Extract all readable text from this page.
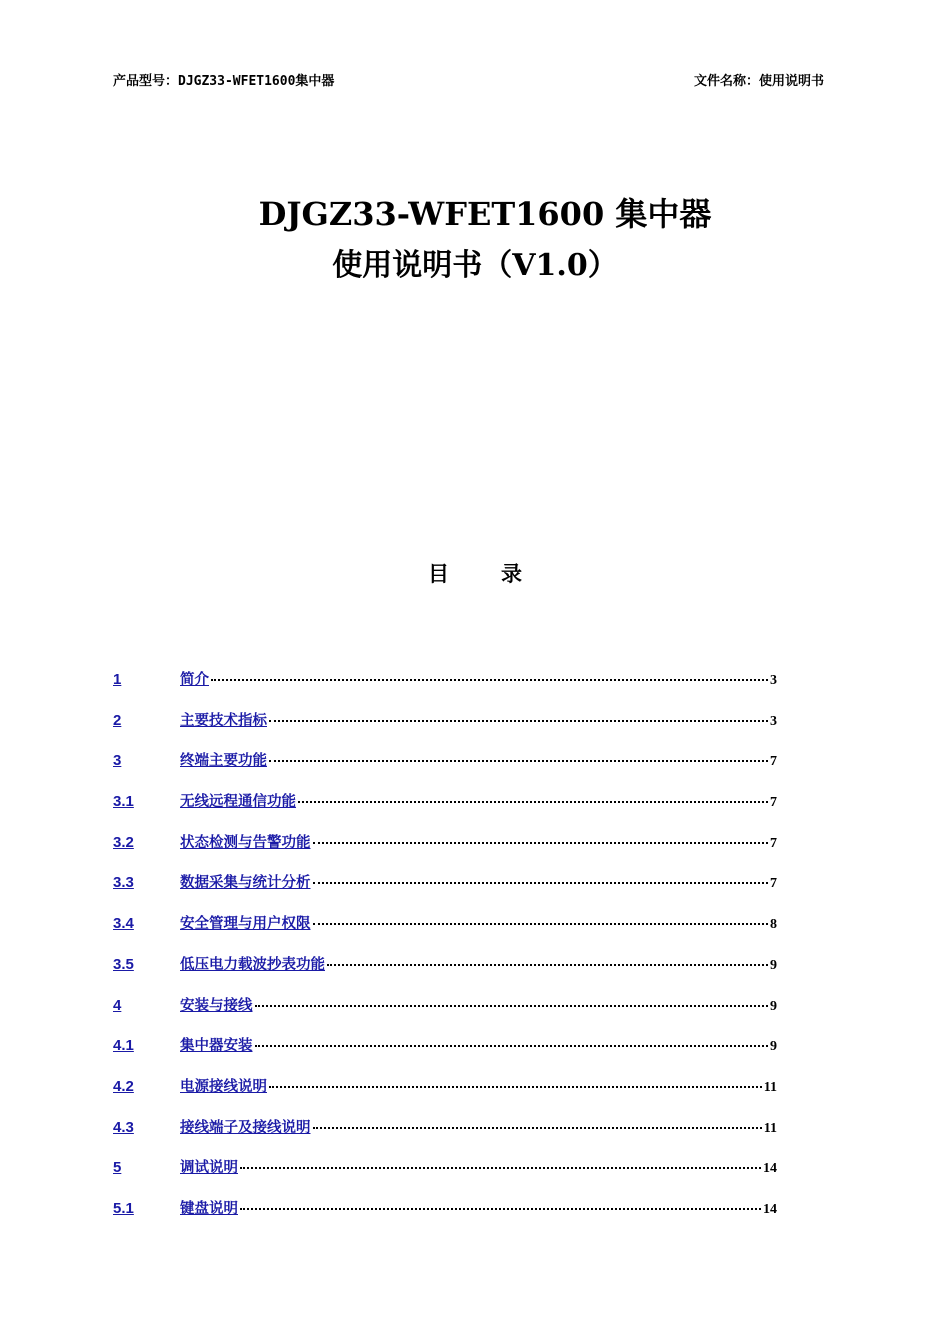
产品型号：DJGZ33-WFET1600集中器	文件名称：使用说明书
DJGZ33-WFET1600 集中器
使用说明书（V1.0）
目 录
1	简介	3
2	主要技术指标	3
3	终端主要功能	7
3.1	无线远程通信功能	7
3.2	状态检测与告警功能	7
3.3	数据采集与统计分析	7
3.4	安全管理与用户权限	8
3.5	低压电力载波抄表功能	9
4	安装与接线	9
4.1	集中器安装	9
4.2	电源接线说明	11
4.3	接线端子及接线说明	11
5	调试说明	14
5.1	键盘说明	14
